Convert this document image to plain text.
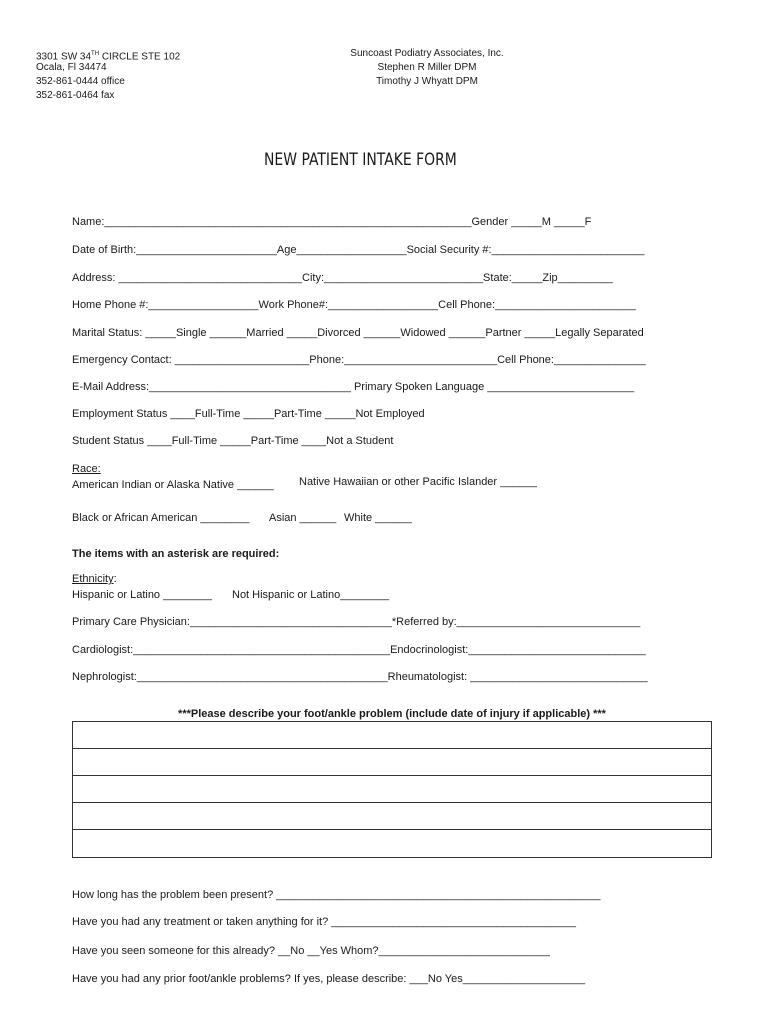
3301 SW 34TH CIRCLE STE 102
Ocala, Fl 34474
352-861-0444 office
352-861-0464 fax
Suncoast Podiatry Associates, Inc.
Stephen R Miller DPM
Timothy J Whyatt DPM
NEW PATIENT INTAKE FORM
Name:____________________________________________________________Gender _____M _____F
Date of Birth:_______________________Age__________________Social Security #:_________________________
Address: ______________________________City:__________________________State:_____Zip_________
Home Phone #:__________________Work Phone#:__________________Cell Phone:_______________________
Marital Status: _____Single ______Married _____Divorced ______Widowed ______Partner _____Legally Separated
Emergency Contact: ______________________Phone:_________________________Cell Phone:_______________
E-Mail Address:_________________________________ Primary Spoken Language ________________________
Employment Status ____Full-Time _____Part-Time _____Not Employed
Student Status ____Full-Time _____Part-Time ____Not a Student
Race:
American Indian or Alaska Native ______ Native Hawaiian or other Pacific Islander ______
Black or African American ________ Asian ______ White ______
The items with an asterisk are required:
Ethnicity:
Hispanic or Latino ________ Not Hispanic or Latino________
Primary Care Physician:_________________________________*Referred by:______________________________
Cardiologist:__________________________________________Endocrinologist:_____________________________
Nephrologist:_________________________________________Rheumatologist: _____________________________
***Please describe your foot/ankle problem (include date of injury if applicable) ***
How long has the problem been present? _____________________________________________________
Have you had any treatment or taken anything for it? ________________________________________
Have you seen someone for this already? __No __Yes Whom?____________________________
Have you had any prior foot/ankle problems? If yes, please describe: ___No Yes____________________
